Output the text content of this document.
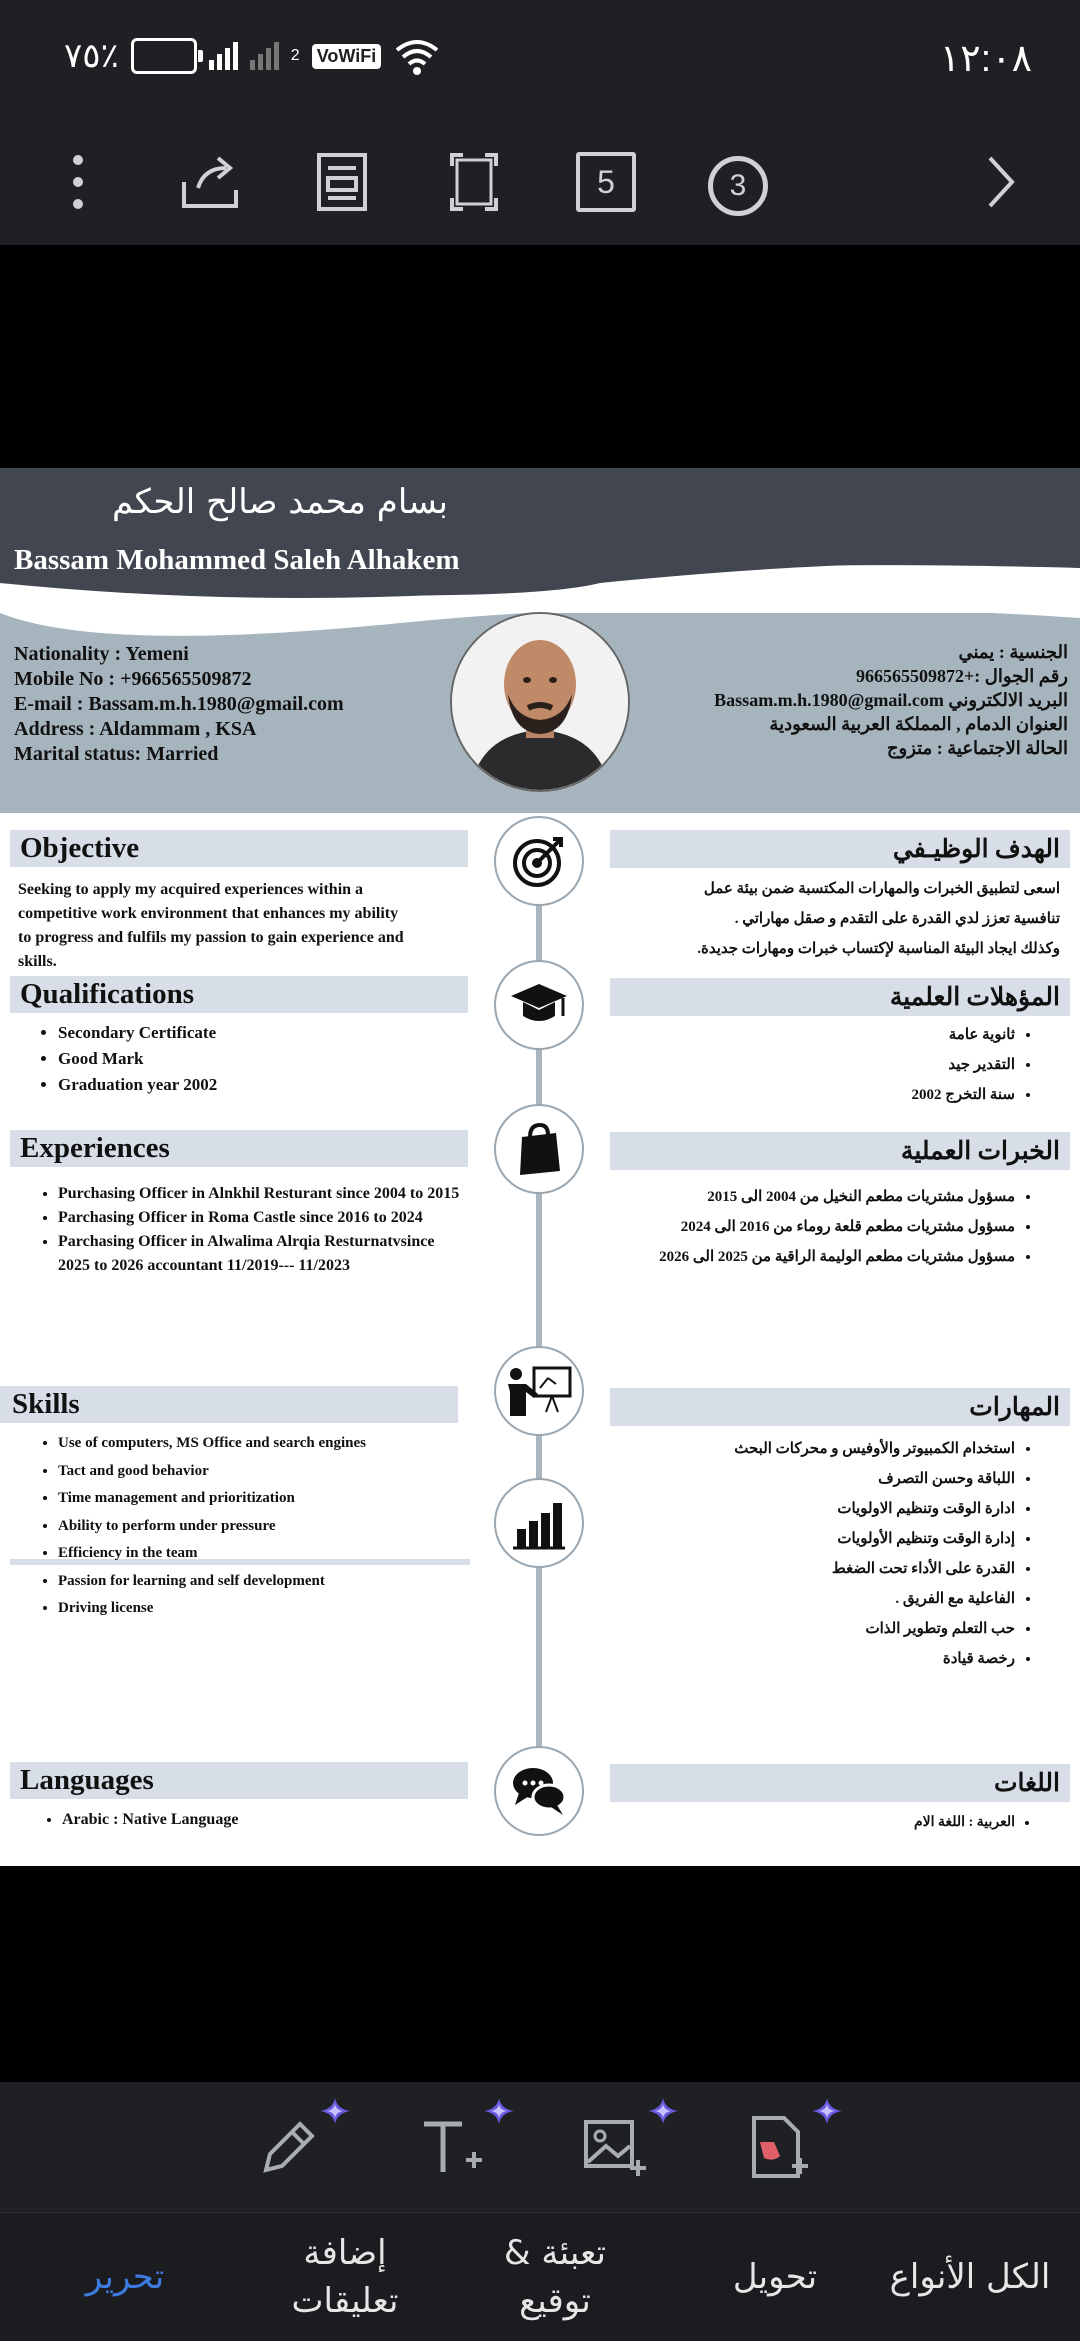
٧٥٪	2 VoWiFi	١٢:٠٨
5	3
بسام محمد صالح الحكم
Bassam Mohammed Saleh Alhakem
Nationality : Yemeni
Mobile No : +966565509872
E-mail : Bassam.m.h.1980@gmail.com
Address : Aldammam , KSA
Marital status: Married
الجنسية : يمني
رقم الجوال :+966565509872
البريد الالكتروني Bassam.m.h.1980@gmail.com
العنوان الدمام , المملكة العربية السعودية
الحالة الاجتماعية : متزوج
Objective	الهدف الوظيـفي
Seeking to apply my acquired experiences within a competitive work environment that enhances my ability to progress and fulfils my passion to gain experience and skills.
اسعى لتطبيق الخبرات والمهارات المكتسبة ضمن بيئة عمل
تنافسية تعزز لدي القدرة على التقدم و صقل مهاراتي .
وكذلك ايجاد البيئة المناسبة لإكتساب خبرات ومهارات جديدة.
Qualifications	المؤهلات العلمية
• Secondary Certificate
• Good Mark
• Graduation year 2002
• ثانوية عامة
• التقدير جيد
• سنة التخرج 2002
Experiences	الخبرات العملية
• Purchasing Officer in Alnkhil Resturant since 2004 to 2015
• Parchasing Officer in Roma Castle since 2016 to 2024
• Parchasing Officer in Alwalima Alrqia Resturnatvsince 2025 to 2026 accountant 11/2019--- 11/2023
• مسؤول مشتريات مطعم النخيل من 2004 الى 2015
• مسؤول مشتريات مطعم قلعة روماء من 2016 الى 2024
• مسؤول مشتريات مطعم الوليمة الراقية من 2025 الى 2026
Skills	المهارات
• Use of computers, MS Office and search engines
• Tact and good behavior
• Time management and prioritization
• Ability to perform under pressure
• Efficiency in the team
• Passion for learning and self development
• Driving license
• استخدام الكمبيوتر والأوفيس و محركات البحث
• اللباقة وحسن التصرف
• ادارة الوقت وتنظيم الاولويات
• إدارة الوقت وتنظيم الأولويات
• القدرة على الأداء تحت الضغط
• الفاعلية مع الفريق .
• حب التعلم وتطوير الذات
• رخصة قيادة
Languages	اللغات
• Arabic : Native Language
•	العربية : اللغة الام
الكل الأنواع
تحويل
تعبئة & توقيع
إضافة تعليقات
تحرير
